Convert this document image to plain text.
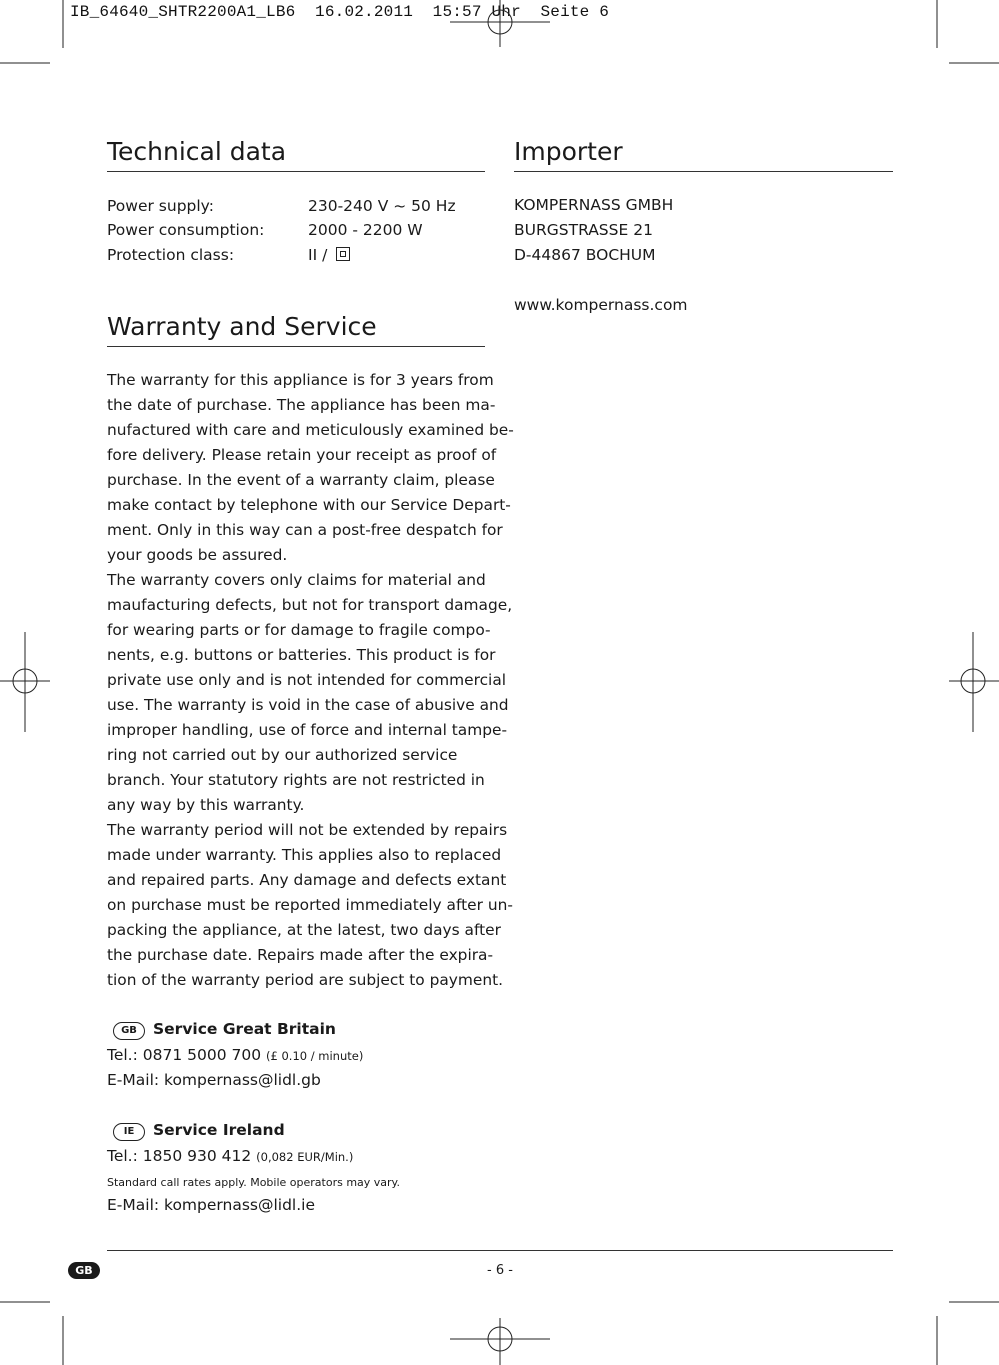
IB_64640_SHTR2200A1_LB6  16.02.2011  15:57 Uhr  Seite 6
Technical data
Power supply:	230-240 V ~ 50 Hz
Power consumption:	2000 - 2200 W
Protection class:	II /
Warranty and Service
The warranty for this appliance is for 3 years from
the date of purchase. The appliance has been ma-
nufactured with care and meticulously examined be-
fore delivery. Please retain your receipt as proof of
purchase. In the event of a warranty claim, please
make contact by telephone with our Service Depart-
ment. Only in this way can a post-free despatch for
your goods be assured.
The warranty covers only claims for material and
maufacturing defects, but not for transport damage,
for wearing parts or for damage to fragile compo-
nents, e.g. buttons or batteries. This product is for
private use only and is not intended for commercial
use. The warranty is void in the case of abusive and
improper handling, use of force and internal tampe-
ring not carried out by our authorized service
branch. Your statutory rights are not restricted in
any way by this warranty.
The warranty period will not be extended by repairs
made under warranty. This applies also to replaced
and repaired parts. Any damage and defects extant
on purchase must be reported immediately after un-
packing the appliance, at the latest, two days after
the purchase date. Repairs made after the expira-
tion of the warranty period are subject to payment.
GB Service Great Britain
Tel.: 0871 5000 700 (£ 0.10 / minute)
E-Mail: kompernass@lidl.gb
IE Service Ireland
Tel.: 1850 930 412 (0,082 EUR/Min.)
Standard call rates apply. Mobile operators may vary.
E-Mail: kompernass@lidl.ie
Importer
KOMPERNASS GMBH
BURGSTRASSE 21
D-44867 BOCHUM
www.kompernass.com
GB	- 6 -
